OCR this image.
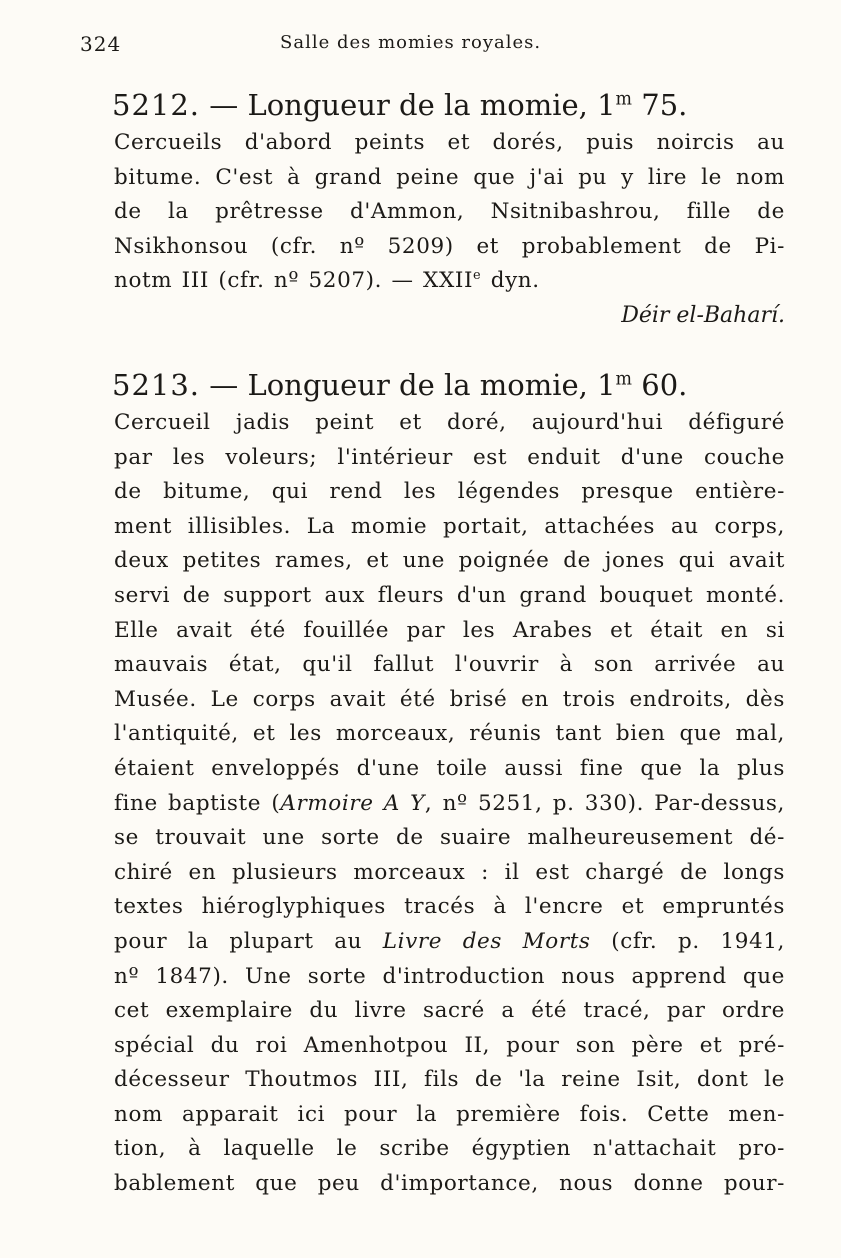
324	Salle des momies royales.
5212. — Longueur de la momie, 1$^m$ 75.

Cercueils d'abord peints et dorés, puis noircis au
bitume. C'est à grand peine que j'ai pu y lire le nom
de la prêtresse d'Ammon, Nsitnibashrou, fille de
Nsikhonsou (cfr. nº 5209) et probablement de Pi-
notm III (cfr. nº 5207). — XXIIe dyn.

Déir el-Baharí.

5213. — Longueur de la momie, 1$^m$ 60.

Cercueil jadis peint et doré, aujourd'hui défiguré
par les voleurs; l'intérieur est enduit d'une couche
de bitume, qui rend les légendes presque entière-
ment illisibles. La momie portait, attachées au corps,
deux petites rames, et une poignée de jones qui avait
servi de support aux fleurs d'un grand bouquet monté.
Elle avait été fouillée par les Arabes et était en si
mauvais état, qu'il fallut l'ouvrir à son arrivée au
Musée. Le corps avait été brisé en trois endroits, dès
l'antiquité, et les morceaux, réunis tant bien que mal,
étaient enveloppés d'une toile aussi fine que la plus
fine baptiste (Armoire A Y, nº 5251, p. 330). Par-dessus,
se trouvait une sorte de suaire malheureusement dé-
chiré en plusieurs morceaux : il est chargé de longs
textes hiéroglyphiques tracés à l'encre et empruntés
pour la plupart au Livre des Morts (cfr. p. 1941,
nº 1847). Une sorte d'introduction nous apprend que
cet exemplaire du livre sacré a été tracé, par ordre
spécial du roi Amenhotpou II, pour son père et pré-
décesseur Thoutmos III, fils de 'la reine Isit, dont le
nom apparait ici pour la première fois. Cette men-
tion, à laquelle le scribe égyptien n'attachait pro-
bablement que peu d'importance, nous donne pour-
